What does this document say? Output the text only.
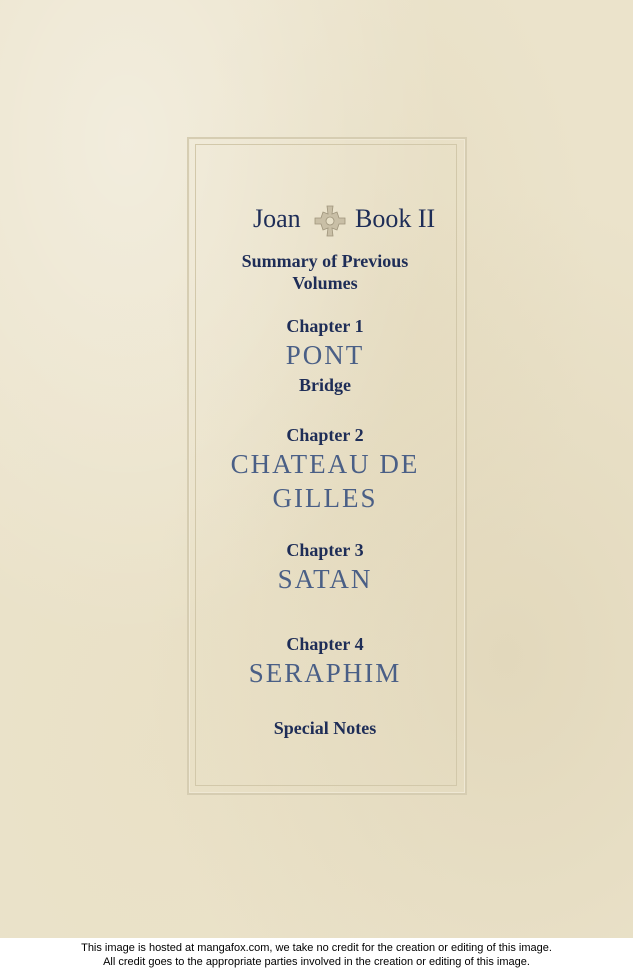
Joan Book II
Summary of Previous
Volumes
Chapter 1
PONT
Bridge
Chapter 2
CHATEAU DE
GILLES
Chapter 3
SATAN
Chapter 4
SERAPHIM
Special Notes
This image is hosted at mangafox.com, we take no credit for the creation or editing of this image.
All credit goes to the appropriate parties involved in the creation or editing of this image.
